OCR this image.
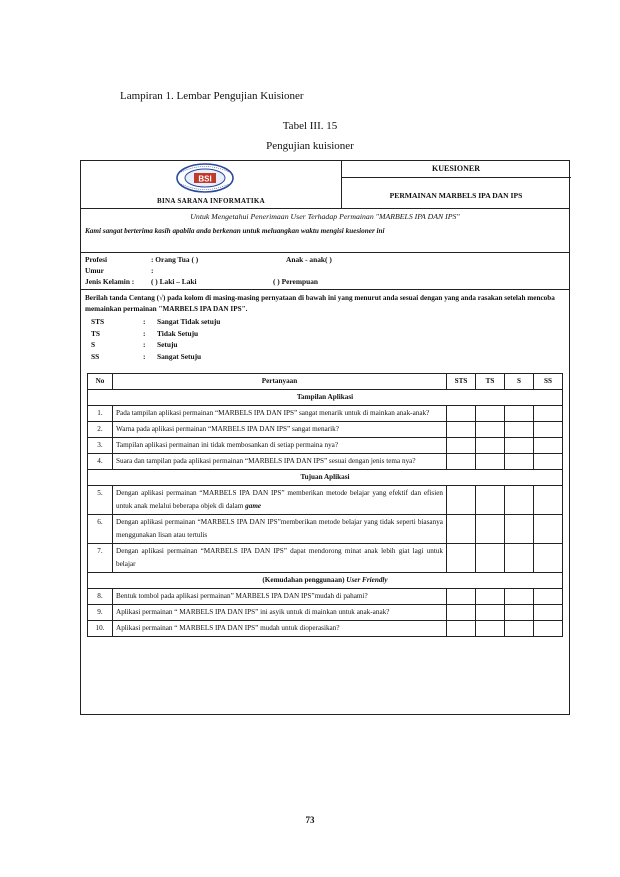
Lampiran 1. Lembar Pengujian Kuisioner
Tabel III. 15
Pengujian kuisioner
BSI
BINA SARANA INFORMATIKA
KUESIONER
PERMAINAN MARBELS IPA DAN IPS
Untuk Mengetahui Penerimaan User Terhadap Permainan "MARBELS IPA DAN IPS"
Kami sangat berterima kasih apabila anda berkenan untuk meluangkan waktu mengisi kuesioner ini
Profesi	: Orang Tua ( )	Anak - anak( )
Umur	:
Jenis Kelamin : ( ) Laki – Laki	( ) Perempuan
Berilah tanda Centang (√) pada kolom di masing-masing pernyataan di bawah ini yang menurut anda sesuai dengan yang anda rasakan setelah mencoba memainkan permainan "MARBELS IPA DAN IPS".
STS	: Sangat Tidak setuju
TS	: Tidak Setuju
S	: Setuju
SS	: Sangat Setuju
No	Pertanyaan	STS	TS	S	SS
Tampilan Aplikasi					
1.	Pada tampilan aplikasi permainan “MARBELS IPA DAN IPS” sangat menarik untuk di mainkan anak-anak?				
2.	Warna pada aplikasi permainan “MARBELS IPA DAN IPS” sangat menarik?				
3.	Tampilan aplikasi permainan ini tidak membosankan di setiap permaina nya?				
4.	Suara dan tampilan pada aplikasi permainan “MARBELS IPA DAN IPS” sesuai dengan jenis tema nya?				
Tujuan Aplikasi					
5.	Dengan aplikasi permainan “MARBELS IPA DAN IPS” memberikan metode belajar yang efektif dan efisien untuk anak melalui beberapa objek di dalam game				
6.	Dengan aplikasi permainan “MARBELS IPA DAN IPS”memberikan metode belajar yang tidak seperti biasanya menggunakan lisan atau tertulis				
7.	Dengan aplikasi permainan “MARBELS IPA DAN IPS” dapat mendorong minat anak lebih giat lagi untuk belajar				
(Kemudahan penggunaan) User Friendly					
8.	Bentuk tombol pada aplikasi permainan” MARBELS IPA DAN IPS”mudah di pahami?				
9.	Aplikasi permainan “ MARBELS IPA DAN IPS” ini asyik untuk di mainkan untuk anak-anak?				
10.	Aplikasi permainan “ MARBELS IPA DAN IPS” mudah untuk dioperasikan?				
73
